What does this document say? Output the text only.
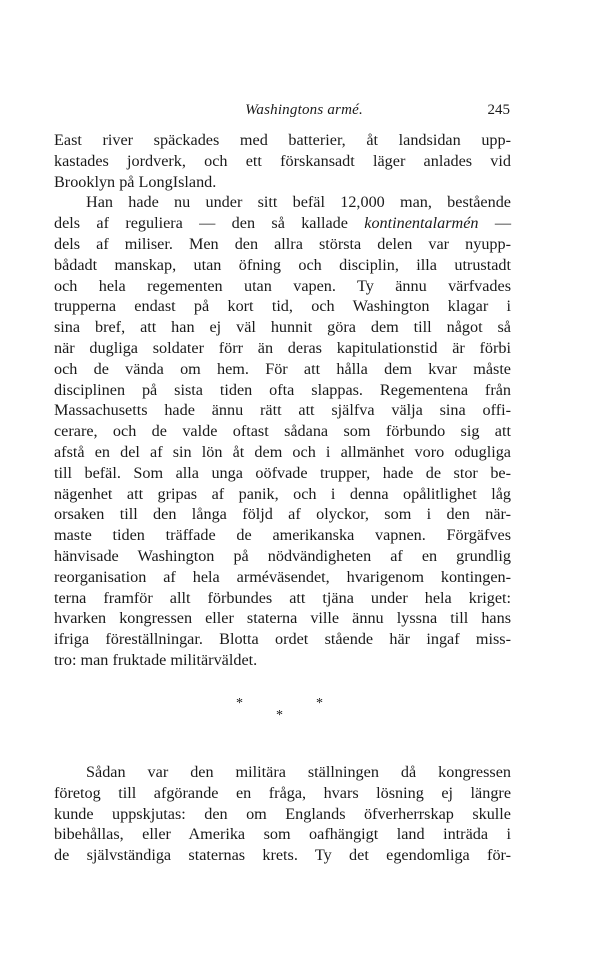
Washingtons armé.	245
East river späckades med batterier, åt landsidan upp-
kastades jordverk, och ett förskansadt läger anlades vid
Brooklyn på LongIsland.
Han hade nu under sitt befäl 12,000 man, bestående
dels af reguliera — den så kallade kontinentalarmén —
dels af miliser. Men den allra största delen var nyupp-
bådadt manskap, utan öfning och disciplin, illa utrustadt
och hela regementen utan vapen. Ty ännu värfvades
trupperna endast på kort tid, och Washington klagar i
sina bref, att han ej väl hunnit göra dem till något så
när dugliga soldater förr än deras kapitulationstid är förbi
och de vända om hem. För att hålla dem kvar måste
disciplinen på sista tiden ofta slappas. Regementena från
Massachusetts hade ännu rätt att själfva välja sina offi-
cerare, och de valde oftast sådana som förbundo sig att
afstå en del af sin lön åt dem och i allmänhet voro odugliga
till befäl. Som alla unga oöfvade trupper, hade de stor be-
nägenhet att gripas af panik, och i denna opålitlighet låg
orsaken till den långa följd af olyckor, som i den när-
maste tiden träffade de amerikanska vapnen. Förgäfves
hänvisade Washington på nödvändigheten af en grundlig
reorganisation af hela arméväsendet, hvarigenom kontingen-
terna framför allt förbundes att tjäna under hela kriget:
hvarken kongressen eller staterna ville ännu lyssna till hans
ifriga föreställningar. Blotta ordet stående här ingaf miss-
tro: man fruktade militärväldet.
*	*
*
Sådan var den militära ställningen då kongressen
företog till afgörande en fråga, hvars lösning ej längre
kunde uppskjutas: den om Englands öfverherrskap skulle
bibehållas, eller Amerika som oafhängigt land inträda i
de självständiga staternas krets. Ty det egendomliga för-
